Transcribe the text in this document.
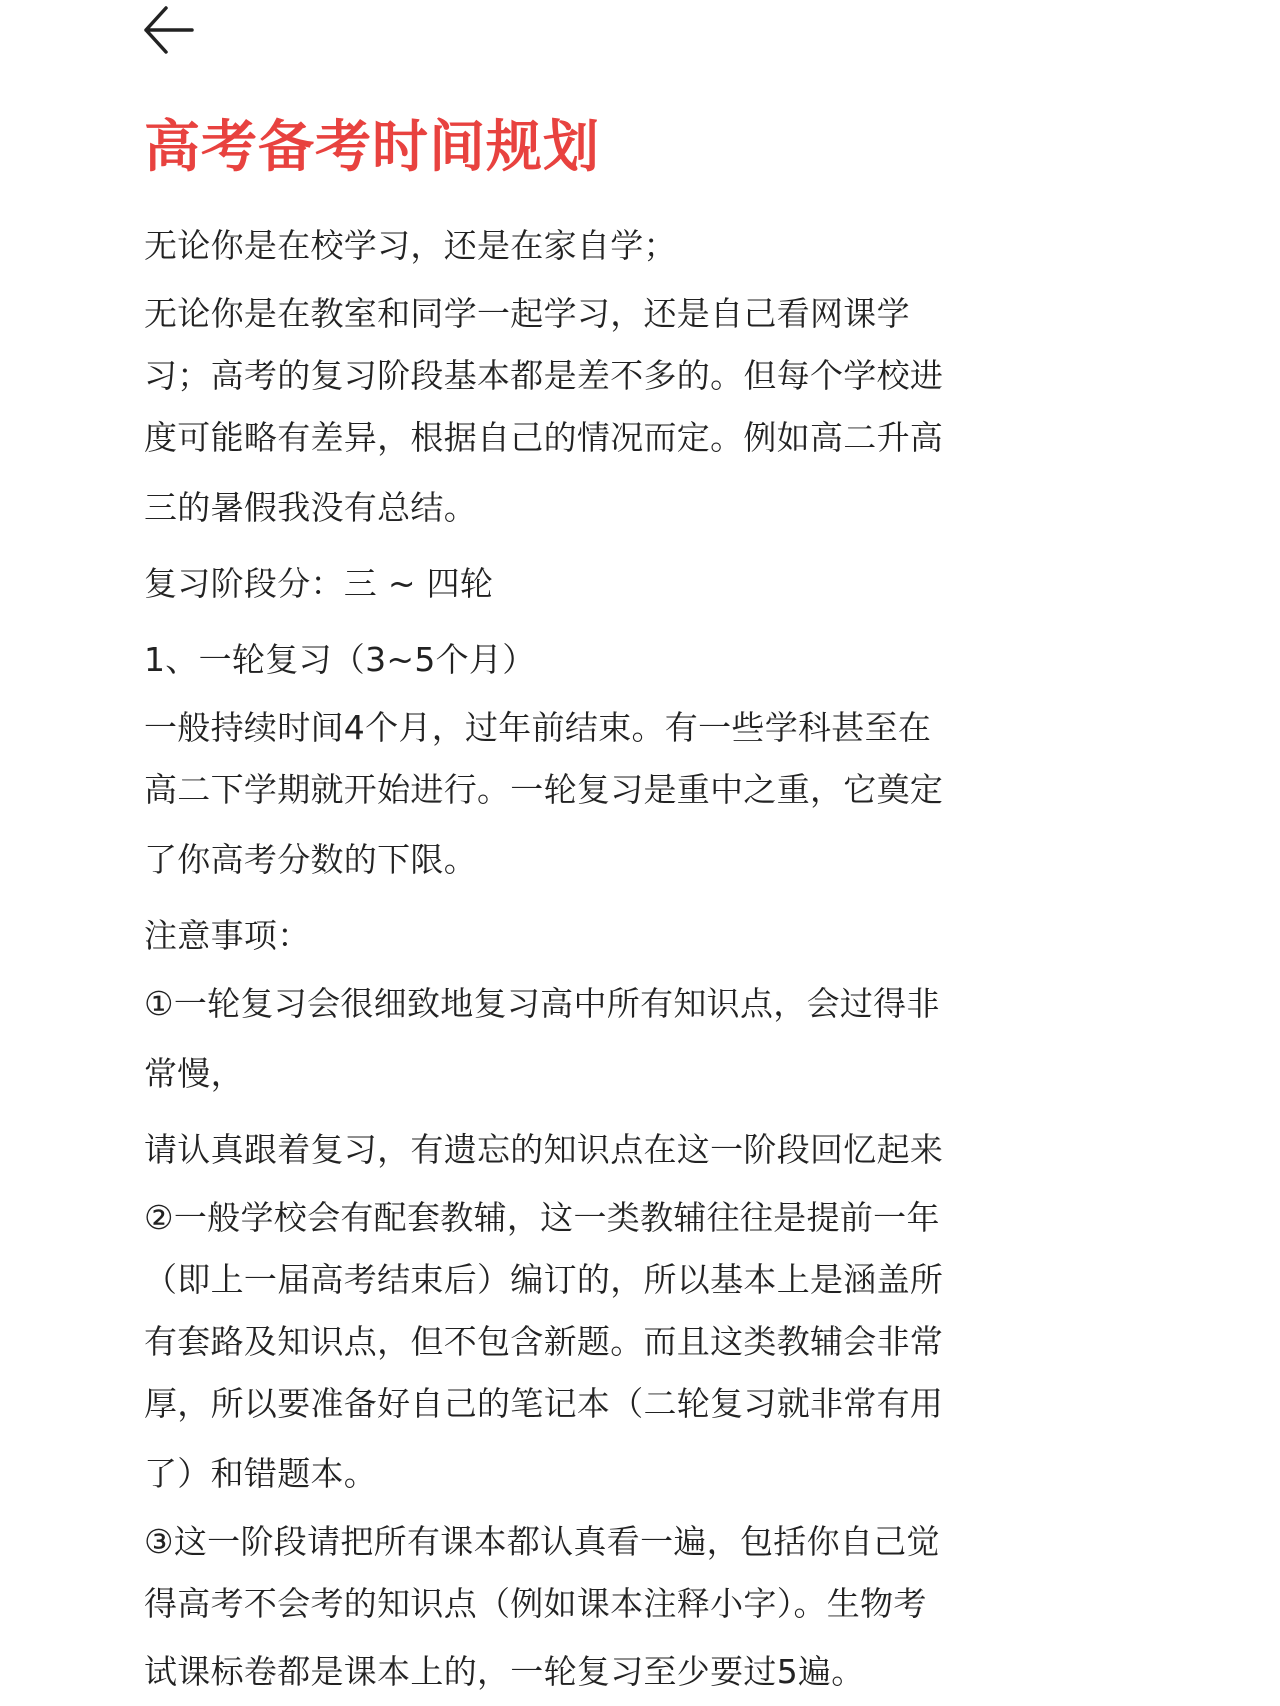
高考备考时间规划
无论你是在校学习，还是在家自学；
无论你是在教室和同学一起学习，还是自己看网课学
习；高考的复习阶段基本都是差不多的。但每个学校进
度可能略有差异，根据自己的情况而定。例如高二升高
三的暑假我没有总结。
复习阶段分：三 ~ 四轮
1、一轮复习（3~5个月）
一般持续时间4个月，过年前结束。有一些学科甚至在
高二下学期就开始进行。一轮复习是重中之重，它奠定
了你高考分数的下限。
注意事项：
①一轮复习会很细致地复习高中所有知识点，会过得非
常慢，
请认真跟着复习，有遗忘的知识点在这一阶段回忆起来
②一般学校会有配套教辅，这一类教辅往往是提前一年
（即上一届高考结束后）编订的，所以基本上是涵盖所
有套路及知识点，但不包含新题。而且这类教辅会非常
厚，所以要准备好自己的笔记本（二轮复习就非常有用
了）和错题本。
③这一阶段请把所有课本都认真看一遍，包括你自己觉
得高考不会考的知识点（例如课本注释小字）。生物考
试课标卷都是课本上的，一轮复习至少要过5遍。
